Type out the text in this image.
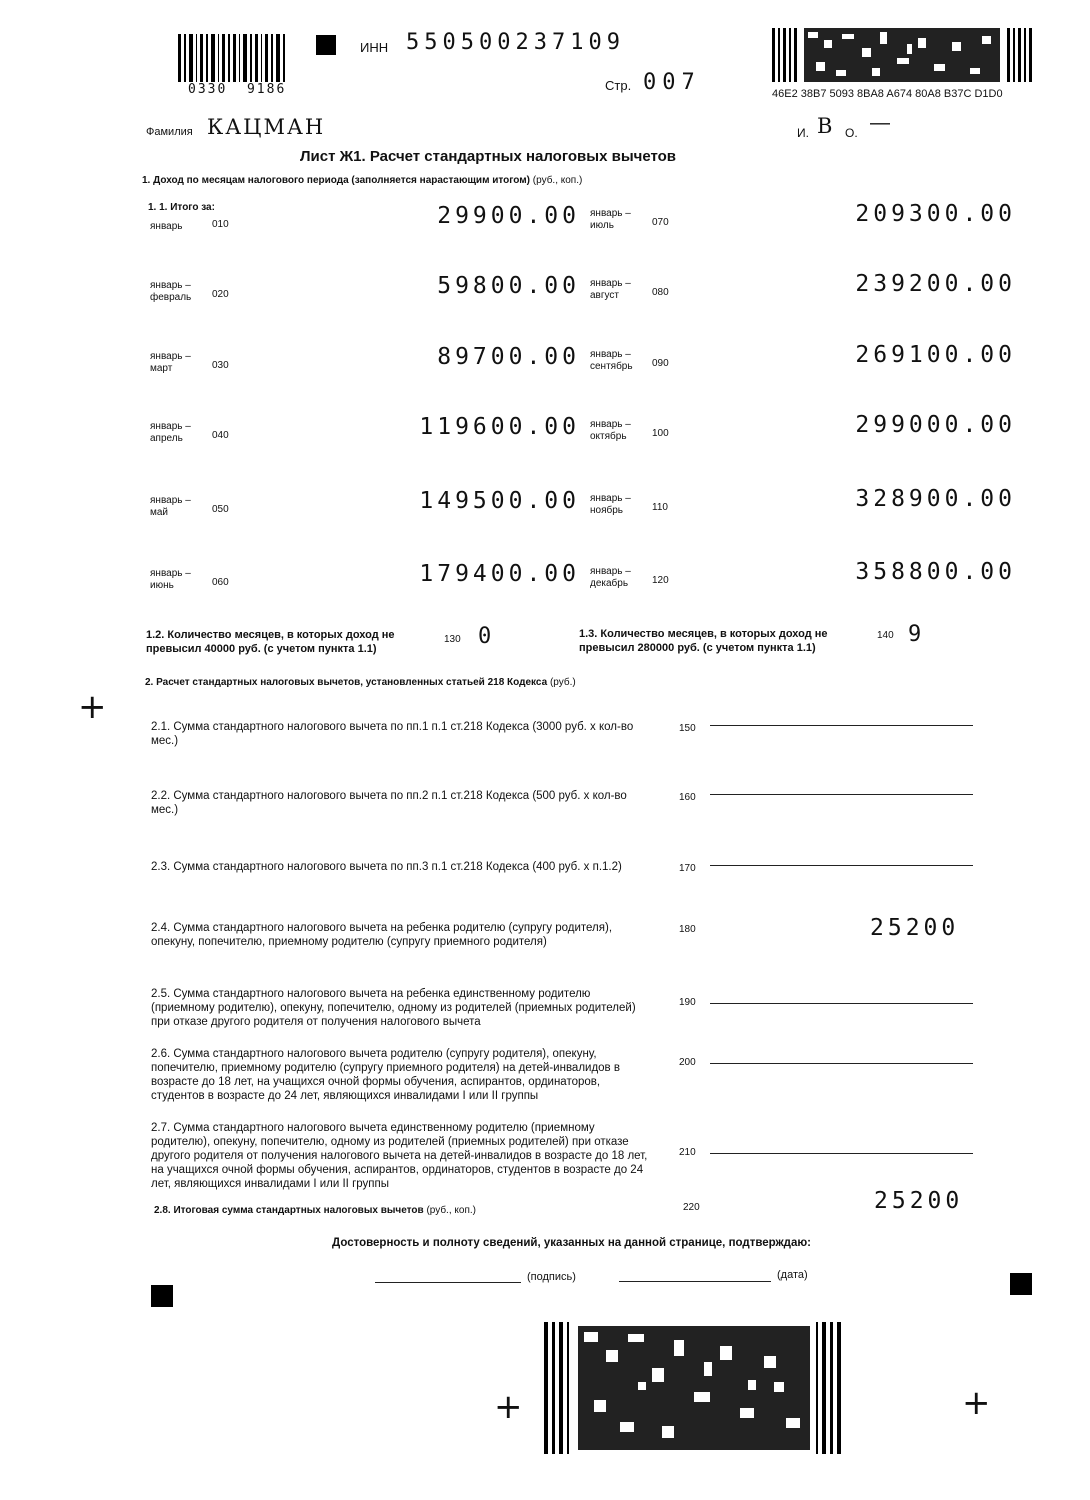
0330  9186
ИНН 550500237109
Стр. 007	46E2 38B7 5093 8BA8 A674 80A8 B37C D1D0
Фамилия КАЦМАН	И. В О. —
Лист Ж1. Расчет стандартных налоговых вычетов
1. Доход по месяцам налогового периода (заполняется нарастающим итогом) (руб., коп.)
1. 1. Итого за:
январь	010	29900.00
январь – февраль	020	59800.00
январь – март	030	89700.00
январь – апрель	040	119600.00
январь – май	050	149500.00
январь – июнь	060	179400.00
январь – июль	070	209300.00
январь – август	080	239200.00
январь – сентябрь	090	269100.00
январь – октябрь	100	299000.00
январь – ноябрь	110	328900.00
январь – декабрь	120	358800.00
1.2. Количество месяцев, в которых доход не превысил 40000 руб. (с учетом пункта 1.1)
130 0	1.3. Количество месяцев, в которых доход не превысил 280000 руб. (с учетом пункта 1.1)
140 9
+
2. Расчет стандартных налоговых вычетов, установленных статьей 218 Кодекса (руб.)
2.1. Сумма стандартного налогового вычета по пп.1 п.1 ст.218 Кодекса (3000 руб. х кол-во мес.)
150
2.2. Сумма стандартного налогового вычета по пп.2 п.1 ст.218 Кодекса (500 руб. х кол-во мес.)
160
2.3. Сумма стандартного налогового вычета по пп.3 п.1 ст.218 Кодекса (400 руб. х п.1.2)	170
2.4. Сумма стандартного налогового вычета на ребенка родителю (супругу родителя), опекуну, попечителю, приемному родителю (супругу приемного родителя)
180	25200
2.5. Сумма стандартного налогового вычета на ребенка единственному родителю (приемному родителю), опекуну, попечителю, одному из родителей (приемных родителей) при отказе другого родителя от получения налогового вычета
190
2.6. Сумма стандартного налогового вычета родителю (супругу родителя), опекуну, попечителю, приемному родителю (супругу приемного родителя) на детей-инвалидов в возрасте до 18 лет, на учащихся очной формы обучения, аспирантов, ординаторов, студентов в возрасте до 24 лет, являющихся инвалидами I или II группы
200
2.7. Сумма стандартного налогового вычета единственному родителю (приемному родителю), опекуну, попечителю, одному из родителей (приемных родителей) при отказе другого родителя от получения налогового вычета на детей-инвалидов в возрасте до 18 лет, на учащихся очной формы обучения, аспирантов, ординаторов, студентов в возрасте до 24 лет, являющихся инвалидами I или II группы
210
2.8. Итоговая сумма стандартных налоговых вычетов (руб., коп.)	220	25200
Достоверность и полноту сведений, указанных на данной странице, подтверждаю:
(подпись)	(дата)
+	+
